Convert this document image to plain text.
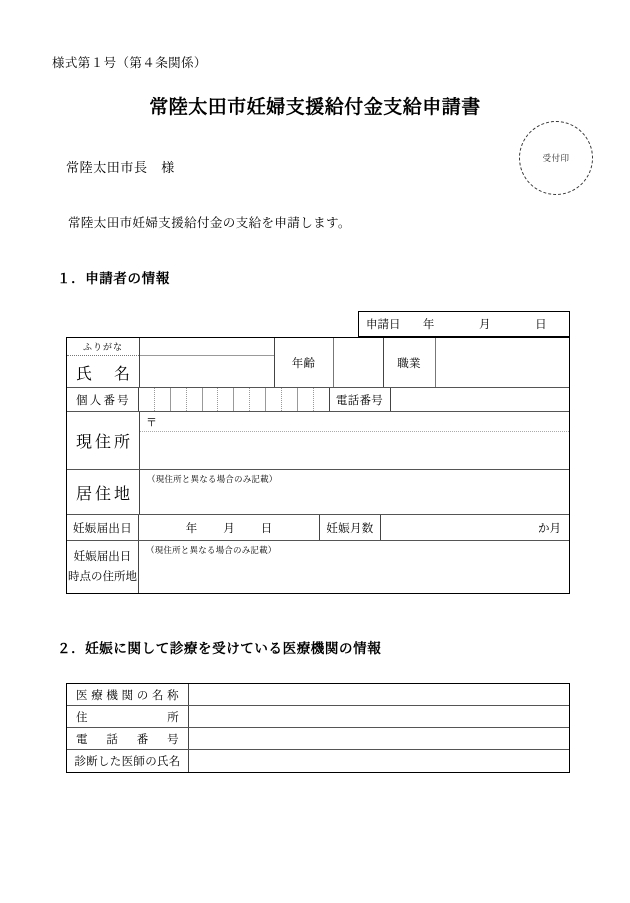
様式第１号（第４条関係）
常陸太田市妊婦支援給付金支給申請書
受付印
常陸太田市長　様
常陸太田市妊婦支援給付金の支給を申請します。
１．申請者の情報
申請日	年	月	日
ふりがな
氏 名
年齢	職業
個 人 番 号	電話番号
現 住 所
〒
居 住 地
（現住所と異なる場合のみ記載）
妊娠届出日	年	月	日	妊娠月数	か月
妊娠届出日
時点の住所地
（現住所と異なる場合のみ記載）
２．妊娠に関して診療を受けている医療機関の情報
医 療 機 関 の 名 称
住	所
電 話 番 号
診断した医師の氏名
